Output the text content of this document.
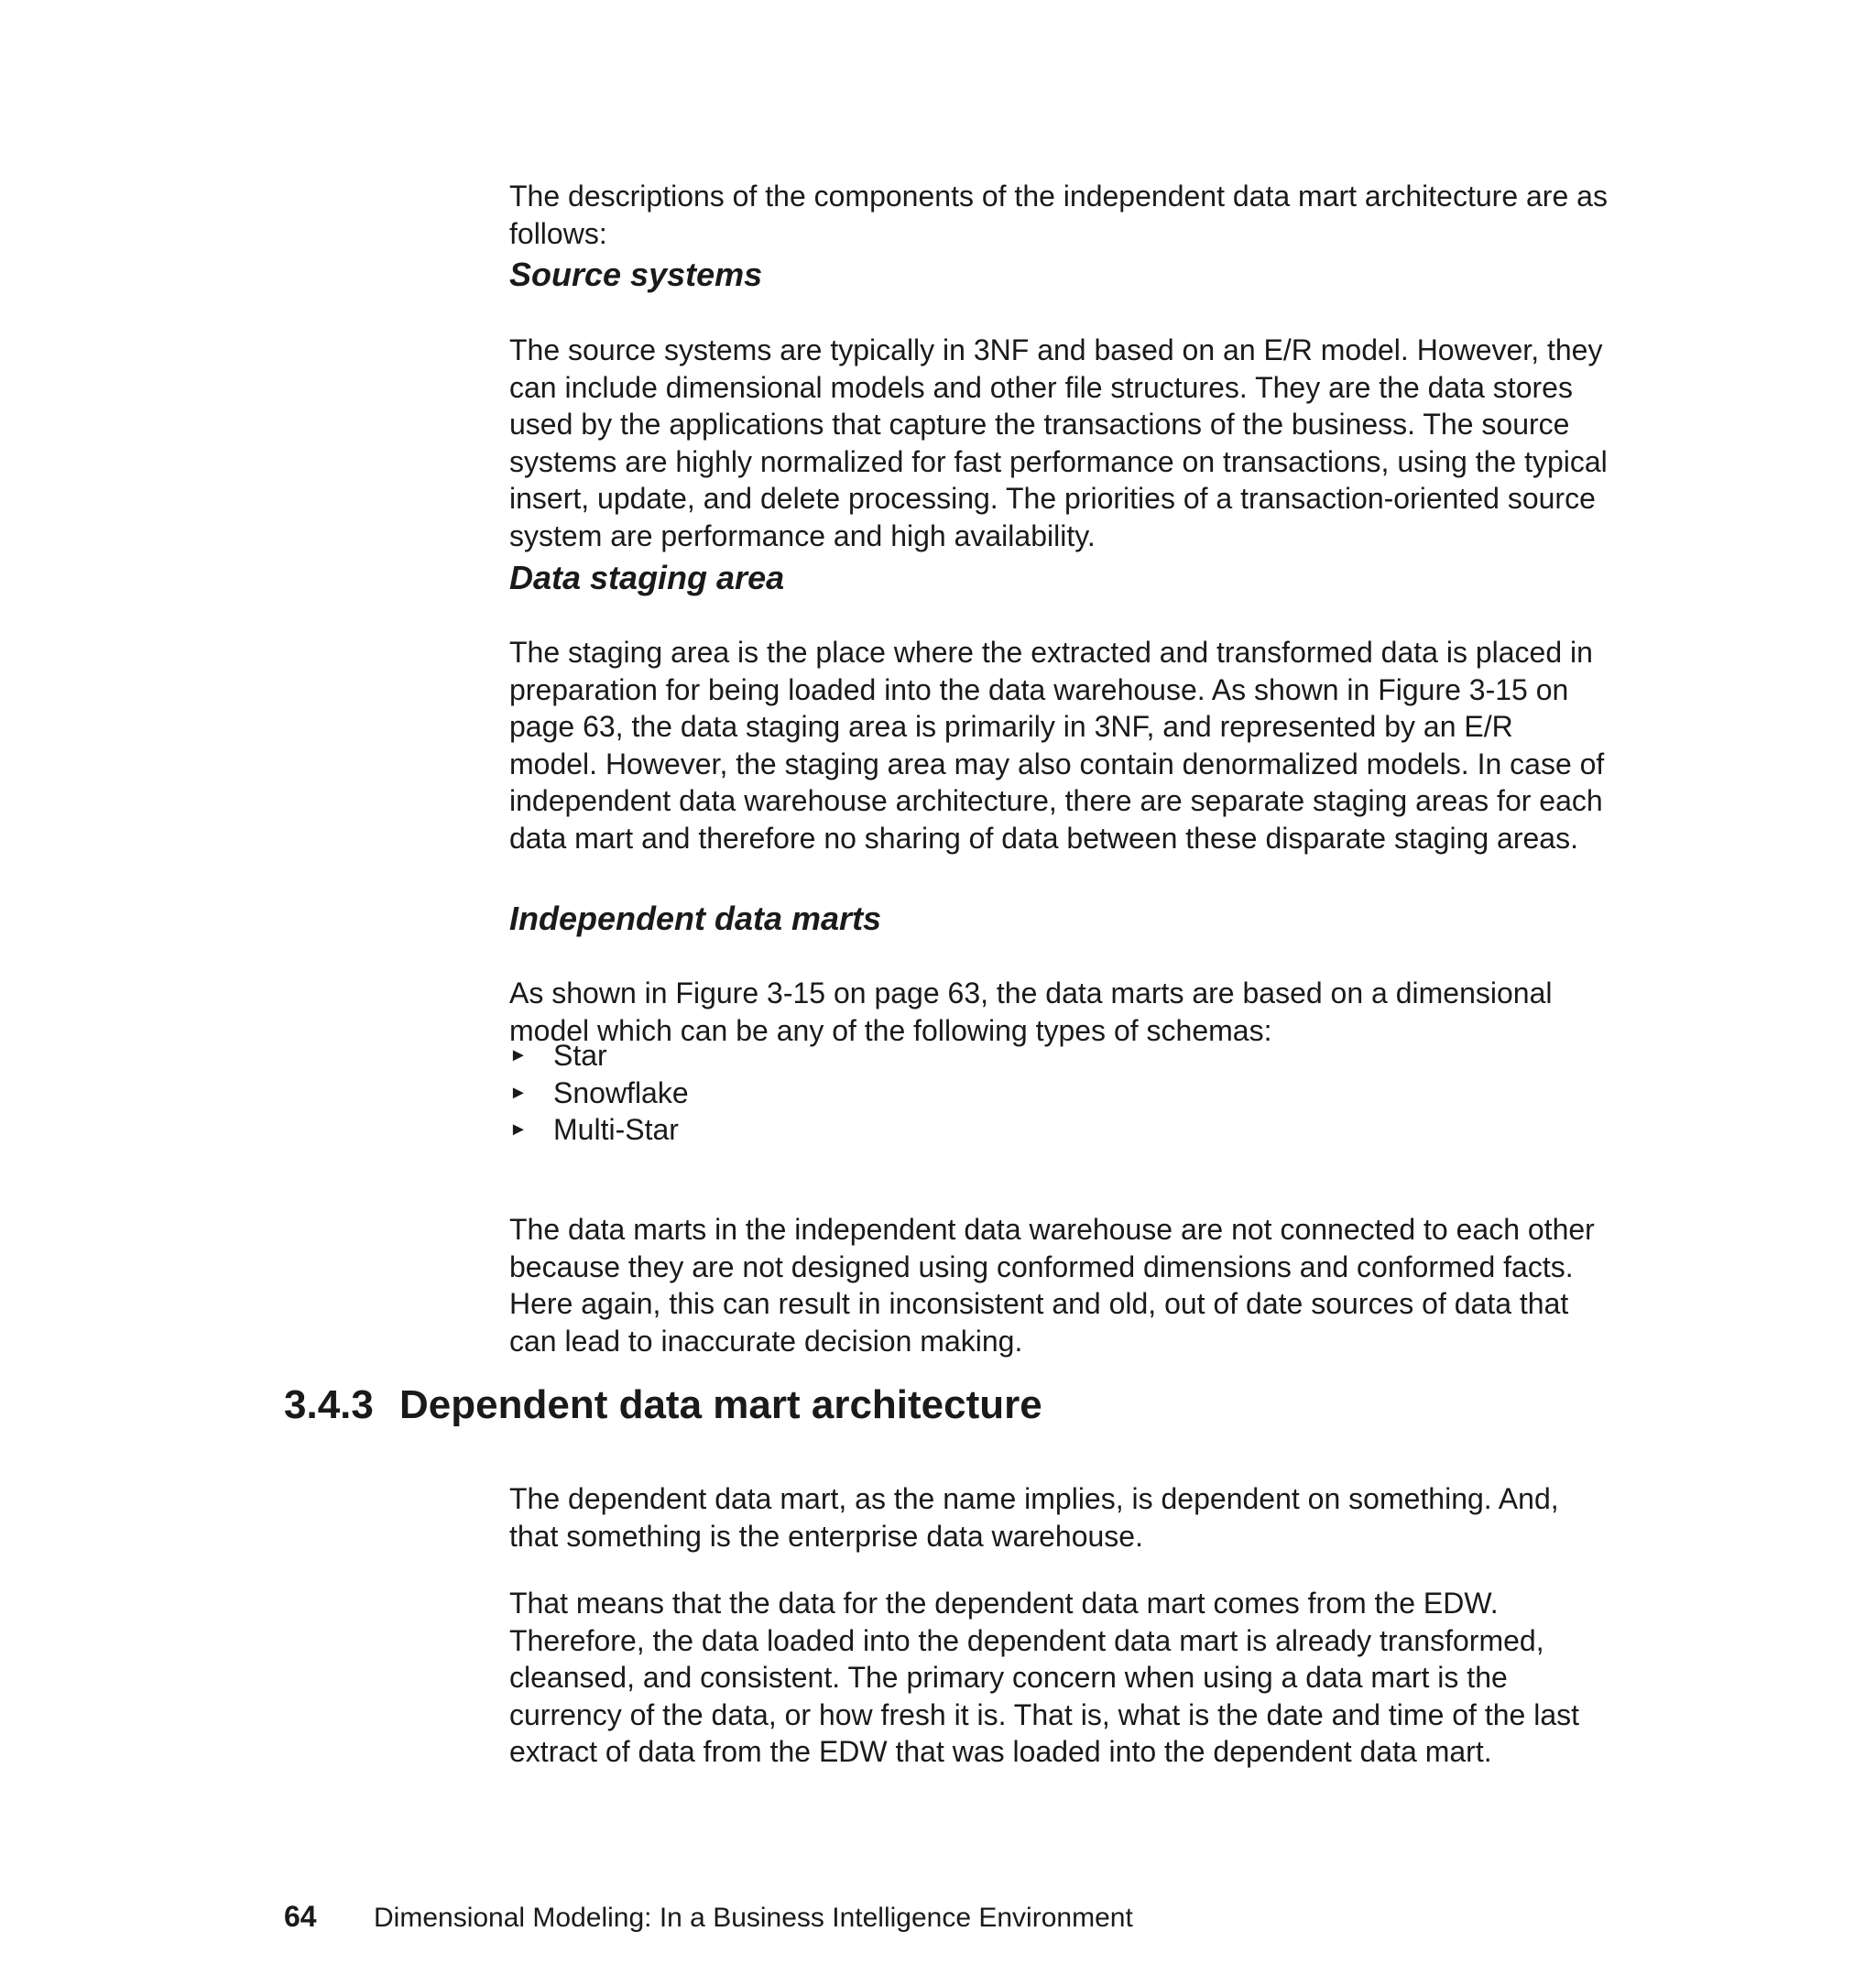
The descriptions of the components of the independent data mart architecture are as follows:

Source systems

The source systems are typically in 3NF and based on an E/R model. However, they can include dimensional models and other file structures. They are the data stores used by the applications that capture the transactions of the business. The source systems are highly normalized for fast performance on transactions, using the typical insert, update, and delete processing. The priorities of a transaction-oriented source system are performance and high availability.

Data staging area

The staging area is the place where the extracted and transformed data is placed in preparation for being loaded into the data warehouse. As shown in Figure 3-15 on page 63, the data staging area is primarily in 3NF, and represented by an E/R model. However, the staging area may also contain denormalized models. In case of independent data warehouse architecture, there are separate staging areas for each data mart and therefore no sharing of data between these disparate staging areas.

Independent data marts

As shown in Figure 3-15 on page 63, the data marts are based on a dimensional model which can be any of the following types of schemas:

► Star
► Snowflake
► Multi-Star

The data marts in the independent data warehouse are not connected to each other because they are not designed using conformed dimensions and conformed facts. Here again, this can result in inconsistent and old, out of date sources of data that can lead to inaccurate decision making.

3.4.3 Dependent data mart architecture

The dependent data mart, as the name implies, is dependent on something. And, that something is the enterprise data warehouse.

That means that the data for the dependent data mart comes from the EDW. Therefore, the data loaded into the dependent data mart is already transformed, cleansed, and consistent. The primary concern when using a data mart is the currency of the data, or how fresh it is. That is, what is the date and time of the last extract of data from the EDW that was loaded into the dependent data mart.

64 Dimensional Modeling: In a Business Intelligence Environment
